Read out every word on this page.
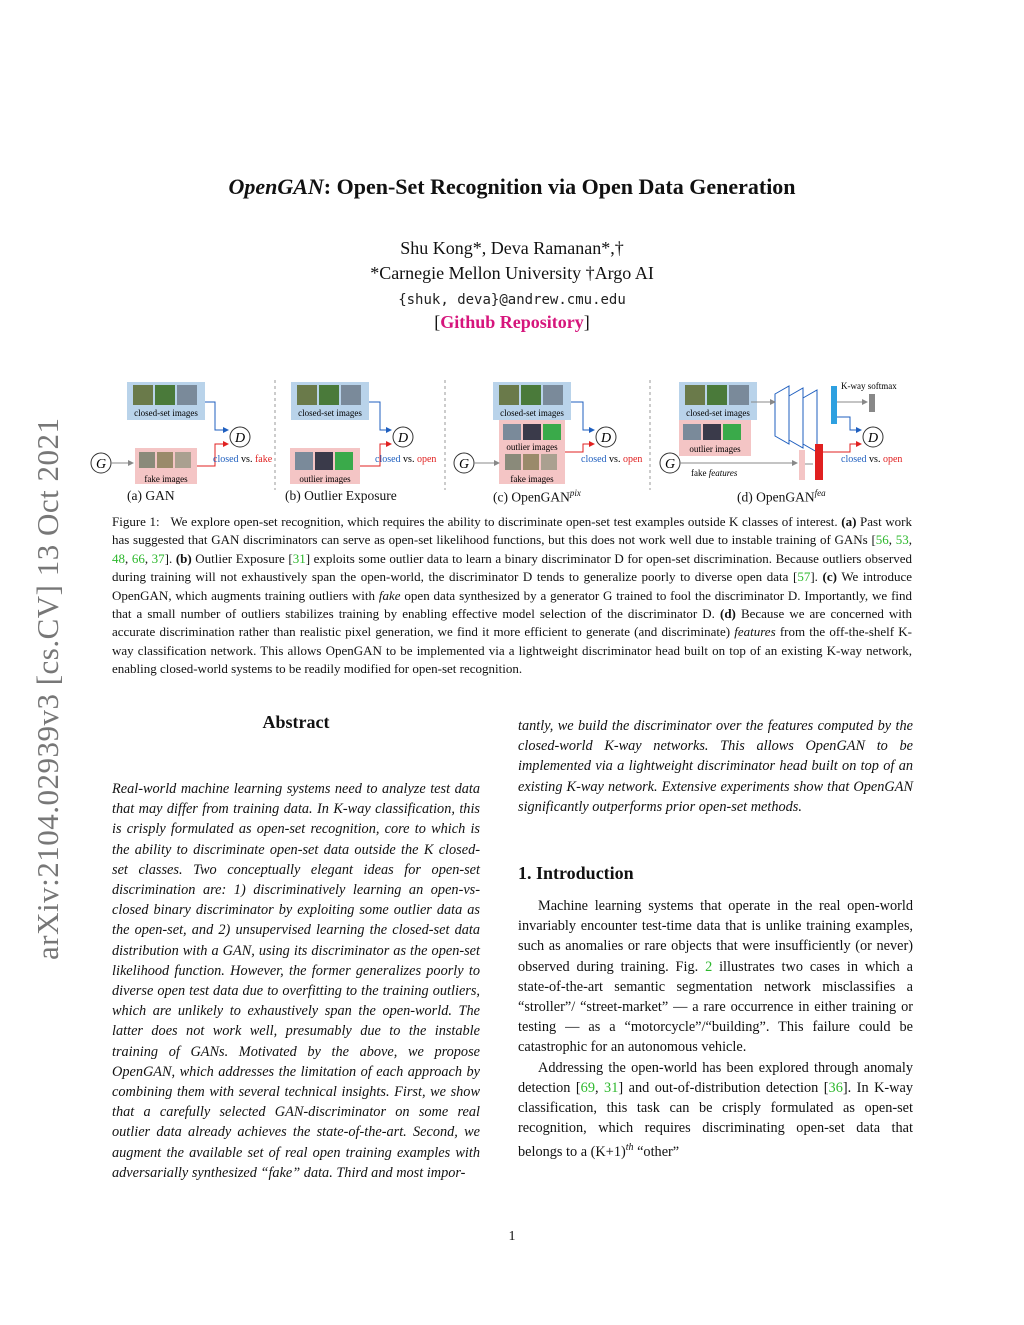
arXiv:2104.02939v3 [cs.CV] 13 Oct 2021
OpenGAN: Open-Set Recognition via Open Data Generation
Shu Kong*, Deva Ramanan*,†
*Carnegie Mellon University †Argo AI
{shuk, deva}@andrew.cmu.edu
[Github Repository]
closed-set images
fake images
G
D
closed vs. fake
closed-set images
outlier images
D
closed vs. open
closed-set images
outlier images
fake images
G
D
closed vs. open
closed-set images
outlier images
G
fake features
K-way softmax
D
closed vs. open
(a) GAN	(b) Outlier Exposure	(c) OpenGAN$^{pix}$	(d) OpenGAN$^{fea}$
Figure 1: We explore open-set recognition, which requires the ability to discriminate open-set test examples outside K classes of interest. (a) Past work has suggested that GAN discriminators can serve as open-set likelihood functions, but this does not work well due to instable training of GANs [56, 53, 48, 66, 37]. (b) Outlier Exposure [31] exploits some outlier data to learn a binary discriminator D for open-set discrimination. Because outliers observed during training will not exhaustively span the open-world, the discriminator D tends to generalize poorly to diverse open data [57]. (c) We introduce OpenGAN, which augments training outliers with fake open data synthesized by a generator G trained to fool the discriminator D. Importantly, we find that a small number of outliers stabilizes training by enabling effective model selection of the discriminator D. (d) Because we are concerned with accurate discrimination rather than realistic pixel generation, we find it more efficient to generate (and discriminate) features from the off-the-shelf K-way classification network. This allows OpenGAN to be implemented via a lightweight discriminator head built on top of an existing K-way network, enabling closed-world systems to be readily modified for open-set recognition.
Abstract
Real-world machine learning systems need to analyze test data that may differ from training data. In K-way classification, this is crisply formulated as open-set recognition, core to which is the ability to discriminate open-set data outside the K closed-set classes. Two conceptually elegant ideas for open-set discrimination are: 1) discriminatively learning an open-vs-closed binary discriminator by exploiting some outlier data as the open-set, and 2) unsupervised learning the closed-set data distribution with a GAN, using its discriminator as the open-set likelihood function. However, the former generalizes poorly to diverse open test data due to overfitting to the training outliers, which are unlikely to exhaustively span the open-world. The latter does not work well, presumably due to the instable training of GANs. Motivated by the above, we propose OpenGAN, which addresses the limitation of each approach by combining them with several technical insights. First, we show that a carefully selected GAN-discriminator on some real outlier data already achieves the state-of-the-art. Second, we augment the available set of real open training examples with adversarially synthesized “fake” data. Third and most impor-
tantly, we build the discriminator over the features computed by the closed-world K-way networks. This allows OpenGAN to be implemented via a lightweight discriminator head built on top of an existing K-way network. Extensive experiments show that OpenGAN significantly outperforms prior open-set methods.
1. Introduction

Machine learning systems that operate in the real open-world invariably encounter test-time data that is unlike training examples, such as anomalies or rare objects that were insufficiently (or never) observed during training. Fig. 2 illustrates two cases in which a state-of-the-art semantic segmentation network misclassifies a “stroller”/ “street-market” — a rare occurrence in either training or testing — as a “motorcycle”/“building”. This failure could be catastrophic for an autonomous vehicle.

Addressing the open-world has been explored through anomaly detection [69, 31] and out-of-distribution detection [36]. In K-way classification, this task can be crisply formulated as open-set recognition, which requires discriminating open-set data that belongs to a $(K+1)^{th}$ “other”

1
